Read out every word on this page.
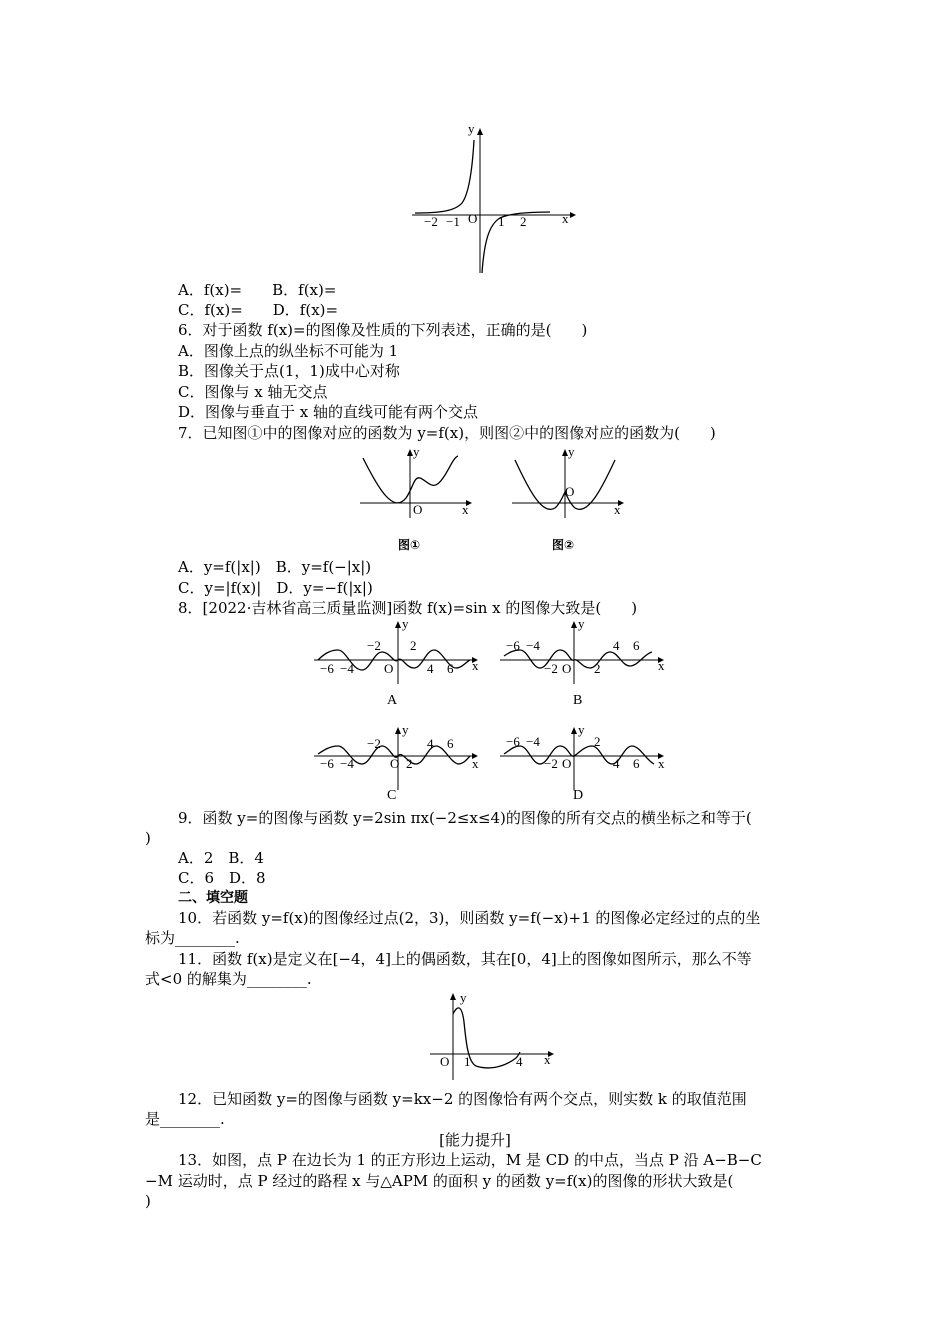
y
x
O
−2 −1	1 2
A．f(x)=　　B．f(x)=
C．f(x)=　　D．f(x)=
6．对于函数 f(x)=的图像及性质的下列表述，正确的是(　　)
A．图像上点的纵坐标不可能为 1
B．图像关于点(1，1)成中心对称
C．图像与 x 轴无交点
D．图像与垂直于 x 轴的直线可能有两个交点
7．已知图①中的图像对应的函数为 y=f(x)，则图②中的图像对应的函数为(　　)
y
O	x
y
O
x
图①	图②
A．y=f(|x|)　B．y=f(−|x|)
C．y=|f(x)|　D．y=−f(|x|)
8．[2022·吉林省高三质量监测]函数 f(x)=sin x 的图像大致是(　　)
y
x
O
−2 2
−6 −4	4 6
A
y
x
O
−6 −4	4 6
−2	2
B
y
x
O
−2	4 6
−6 −4	2
C
y
x
O
−6 −4	2
−2	4 6
D
9．函数 y=的图像与函数 y=2sin πx(−2≤x≤4)的图像的所有交点的横坐标之和等于(
)
A．2　B．4
C．6　D．8
二、填空题
10．若函数 y=f(x)的图像经过点(2，3)，则函数 y=f(−x)+1 的图像必定经过的点的坐
标为________.
11．函数 f(x)是定义在[−4，4]上的偶函数，其在[0，4]上的图像如图所示，那么不等
式<0 的解集为________.
y
x
O 1	4
12．已知函数 y=的图像与函数 y=kx−2 的图像恰有两个交点，则实数 k 的取值范围
是________.
[能力提升]
13．如图，点 P 在边长为 1 的正方形边上运动，M 是 CD 的中点，当点 P 沿 A−B−C
−M 运动时，点 P 经过的路程 x 与△APM 的面积 y 的函数 y=f(x)的图像的形状大致是(
)
